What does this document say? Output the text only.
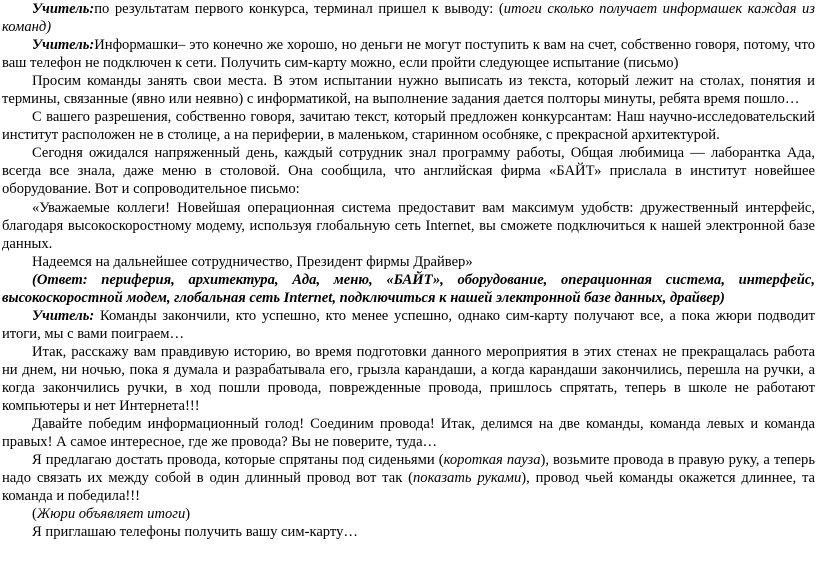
Учитель:по результатам первого конкурса, терминал пришел к выводу: (итоги сколько получает информашек каждая из команд)

Учитель:Информашки– это конечно же хорошо, но деньги не могут поступить к вам на счет, собственно говоря, потому, что ваш телефон не подключен к сети. Получить сим-карту можно, если пройти следующее испытание (письмо)

Просим команды занять свои места. В этом испытании нужно выписать из текста, который лежит на столах, понятия и термины, связанные (явно или неявно) с информатикой, на выполнение задания дается полторы минуты, ребята время пошло…

С вашего разрешения, собственно говоря, зачитаю текст, который предложен конкурсантам: Наш научно-исследовательский институт расположен не в столице, а на периферии, в маленьком, старинном особняке, с прекрасной архитектурой.

Сегодня ожидался напряженный день, каждый сотрудник знал программу работы, Общая любимица — лаборантка Ада, всегда все знала, даже меню в столовой. Она сообщила, что английская фирма «БАЙТ» прислала в институт новейшее оборудование. Вот и сопроводительное письмо:

«Уважаемые коллеги! Новейшая операционная система предоставит вам максимум удобств: дружественный интерфейс, благодаря высокоскоростному модему, используя глобальную сеть Internet, вы сможете подключиться к нашей электронной базе данных.

Надеемся на дальнейшее сотрудничество, Президент фирмы Драйвер»

(Ответ: периферия, архитектура, Ада, меню, «БАЙТ», оборудование, операционная система, интерфейс, высокоскоростной модем, глобальная сеть Internet, подключиться к нашей электронной базе данных, драйвер)

Учитель: Команды закончили, кто успешно, кто менее успешно, однако сим-карту получают все, а пока жюри подводит итоги, мы с вами поиграем…

Итак, расскажу вам правдивую историю, во время подготовки данного мероприятия в этих стенах не прекращалась работа ни днем, ни ночью, пока я думала и разрабатывала его, грызла карандаши, а когда карандаши закончились, перешла на ручки, а когда закончились ручки, в ход пошли провода, поврежденные провода, пришлось спрятать, теперь в школе не работают компьютеры и нет Интернета!!!

Давайте победим информационный голод! Соединим провода! Итак, делимся на две команды, команда левых и команда правых! А самое интересное, где же провода? Вы не поверите, туда…

Я предлагаю достать провода, которые спрятаны под сиденьями (короткая пауза), возьмите провода в правую руку, а теперь надо связать их между собой в один длинный провод вот так (показать руками), провод чьей команды окажется длиннее, та команда и победила!!!

(Жюри объявляет итоги)

Я приглашаю телефоны получить вашу сим-карту…
